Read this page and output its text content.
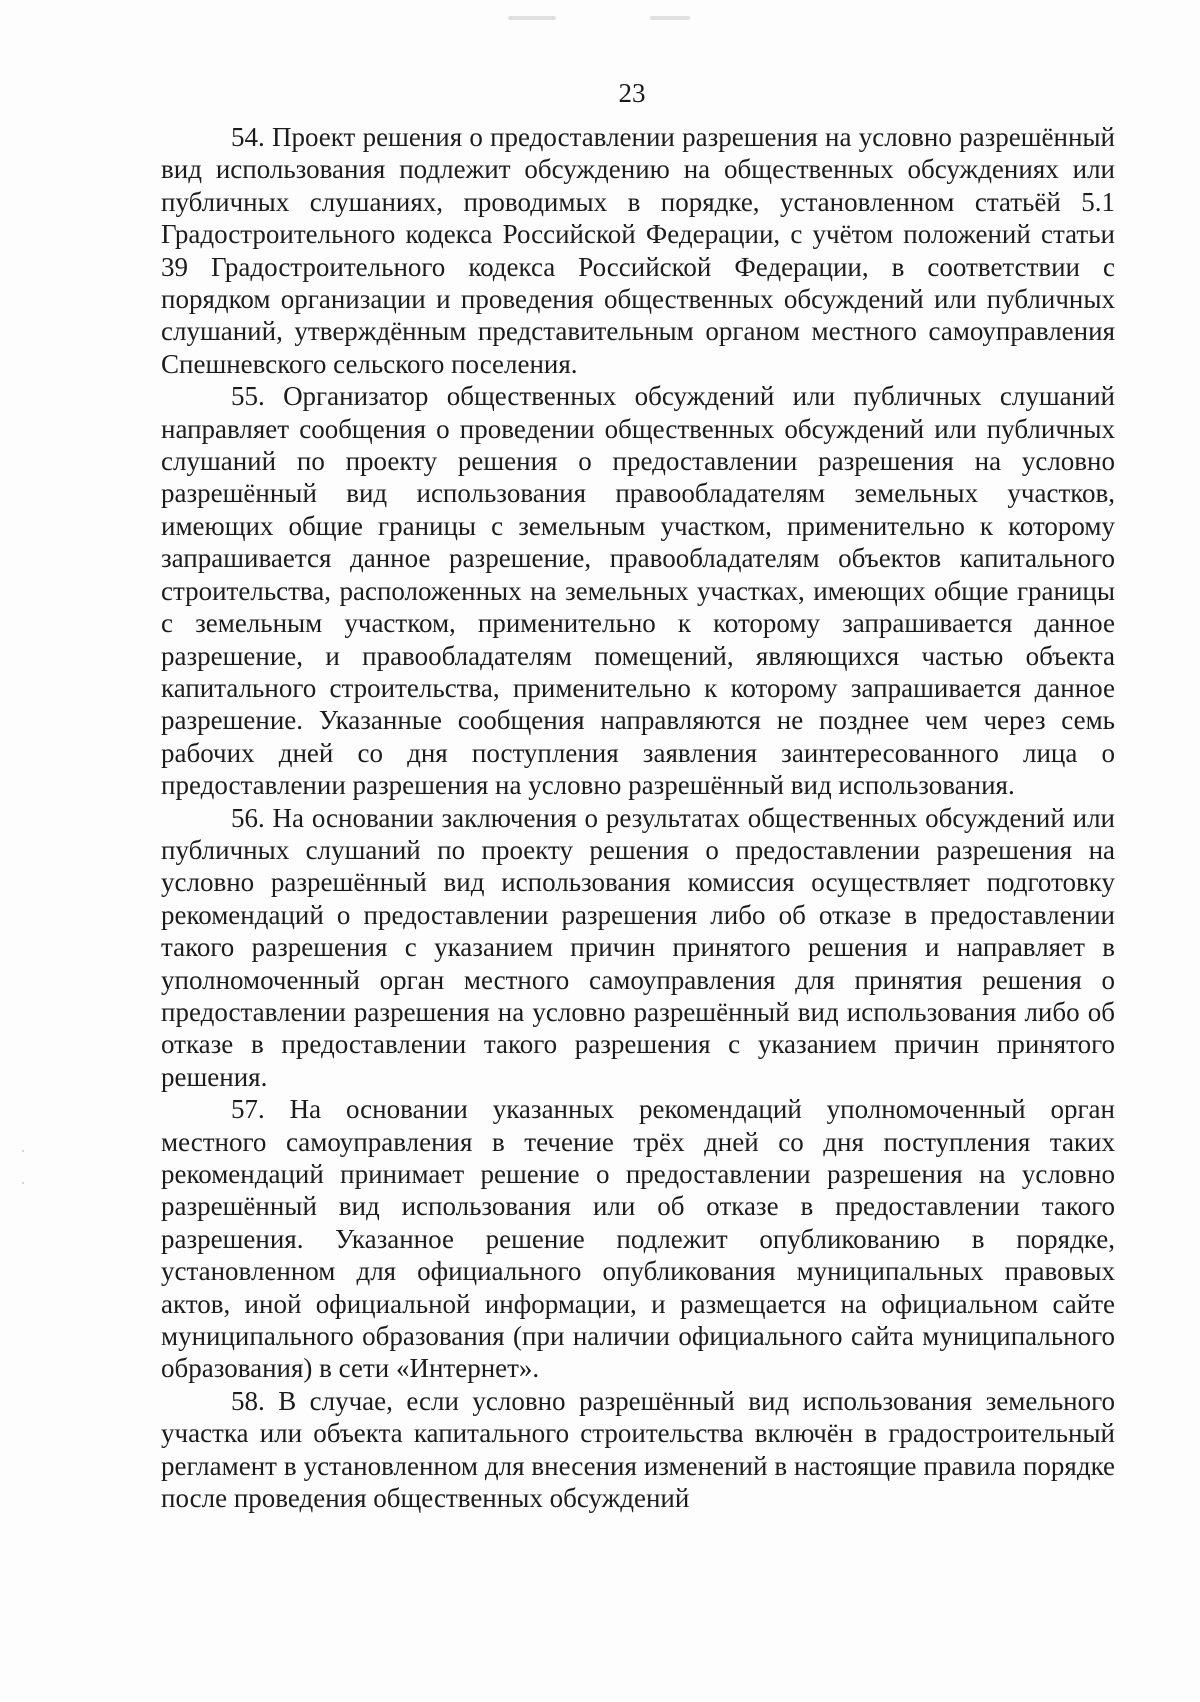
23

54. Проект решения о предоставлении разрешения на условно разрешённый вид использования подлежит обсуждению на общественных обсуждениях или публичных слушаниях, проводимых в порядке, установленном статьёй 5.1 Градостроительного кодекса Российской Федерации, с учётом положений статьи 39 Градостроительного кодекса Российской Федерации, в соответствии с порядком организации и проведения общественных обсуждений или публичных слушаний, утверждённым представительным органом местного самоуправления Спешневского сельского поселения.

55. Организатор общественных обсуждений или публичных слушаний направляет сообщения о проведении общественных обсуждений или публичных слушаний по проекту решения о предоставлении разрешения на условно разрешённый вид использования правообладателям земельных участков, имеющих общие границы с земельным участком, применительно к которому запрашивается данное разрешение, правообладателям объектов капитального строительства, расположенных на земельных участках, имеющих общие границы с земельным участком, применительно к которому запрашивается данное разрешение, и правообладателям помещений, являющихся частью объекта капитального строительства, применительно к которому запрашивается данное разрешение. Указанные сообщения направляются не позднее чем через семь рабочих дней со дня поступления заявления заинтересованного лица о предоставлении разрешения на условно разрешённый вид использования.

56. На основании заключения о результатах общественных обсуждений или публичных слушаний по проекту решения о предоставлении разрешения на условно разрешённый вид использования комиссия осуществляет подготовку рекомендаций о предоставлении разрешения либо об отказе в предоставлении такого разрешения с указанием причин принятого решения и направляет в уполномоченный орган местного самоуправления для принятия решения о предоставлении разрешения на условно разрешённый вид использования либо об отказе в предоставлении такого разрешения с указанием причин принятого решения.

57. На основании указанных рекомендаций уполномоченный орган местного самоуправления в течение трёх дней со дня поступления таких рекомендаций принимает решение о предоставлении разрешения на условно разрешённый вид использования или об отказе в предоставлении такого разрешения. Указанное решение подлежит опубликованию в порядке, установленном для официального опубликования муниципальных правовых актов, иной официальной информации, и размещается на официальном сайте муниципального образования (при наличии официального сайта муниципального образования) в сети «Интернет».

58. В случае, если условно разрешённый вид использования земельного участка или объекта капитального строительства включён в градостроительный регламент в установленном для внесения изменений в настоящие правила порядке после проведения общественных обсуждений
